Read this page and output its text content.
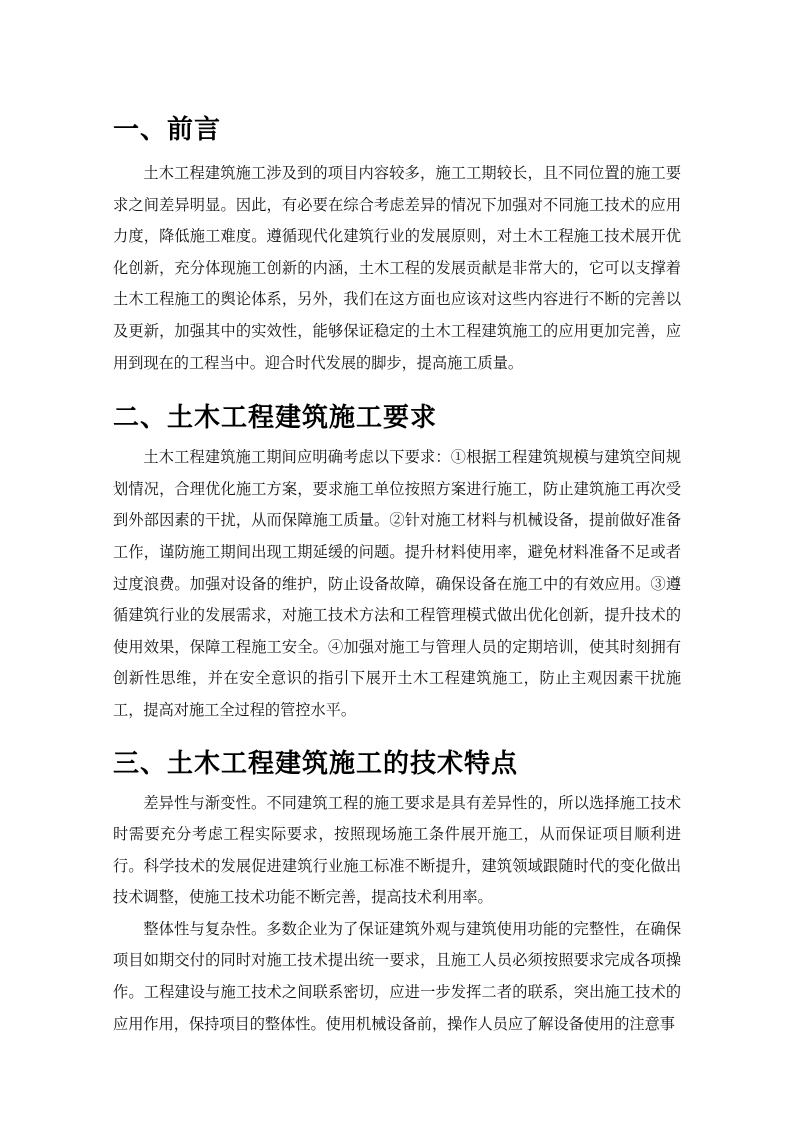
一、前言

土木工程建筑施工涉及到的项目内容较多，施工工期较长，且不同位置的施工要求之间差异明显。因此，有必要在综合考虑差异的情况下加强对不同施工技术的应用力度，降低施工难度。遵循现代化建筑行业的发展原则，对土木工程施工技术展开优化创新，充分体现施工创新的内涵，土木工程的发展贡献是非常大的，它可以支撑着土木工程施工的舆论体系，另外，我们在这方面也应该对这些内容进行不断的完善以及更新，加强其中的实效性，能够保证稳定的土木工程建筑施工的应用更加完善，应用到现在的工程当中。迎合时代发展的脚步，提高施工质量。

二、土木工程建筑施工要求

土木工程建筑施工期间应明确考虑以下要求：①根据工程建筑规模与建筑空间规划情况，合理优化施工方案，要求施工单位按照方案进行施工，防止建筑施工再次受到外部因素的干扰，从而保障施工质量。②针对施工材料与机械设备，提前做好准备工作，谨防施工期间出现工期延缓的问题。提升材料使用率，避免材料准备不足或者过度浪费。加强对设备的维护，防止设备故障，确保设备在施工中的有效应用。③遵循建筑行业的发展需求，对施工技术方法和工程管理模式做出优化创新，提升技术的使用效果，保障工程施工安全。④加强对施工与管理人员的定期培训，使其时刻拥有创新性思维，并在安全意识的指引下展开土木工程建筑施工，防止主观因素干扰施工，提高对施工全过程的管控水平。

三、土木工程建筑施工的技术特点

差异性与渐变性。不同建筑工程的施工要求是具有差异性的，所以选择施工技术时需要充分考虑工程实际要求，按照现场施工条件展开施工，从而保证项目顺利进行。科学技术的发展促进建筑行业施工标准不断提升，建筑领域跟随时代的变化做出技术调整，使施工技术功能不断完善，提高技术利用率。

整体性与复杂性。多数企业为了保证建筑外观与建筑使用功能的完整性，在确保项目如期交付的同时对施工技术提出统一要求，且施工人员必须按照要求完成各项操作。工程建设与施工技术之间联系密切，应进一步发挥二者的联系，突出施工技术的应用作用，保持项目的整体性。使用机械设备前，操作人员应了解设备使用的注意事
